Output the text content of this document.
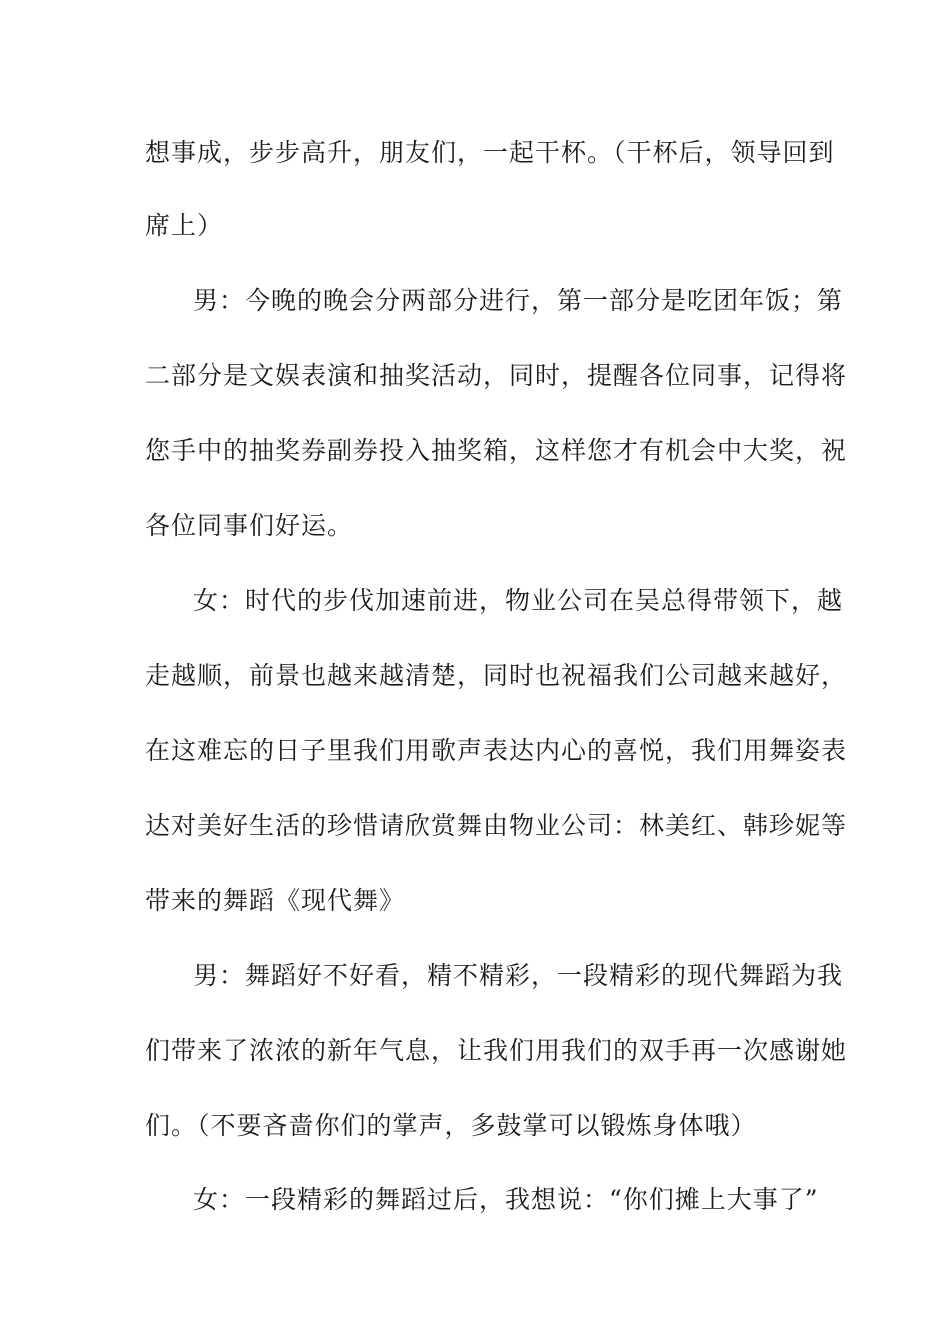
想事成，步步高升，朋友们，一起干杯。（干杯后，领导回到
席上）
男：今晚的晚会分两部分进行，第一部分是吃团年饭；第
二部分是文娱表演和抽奖活动，同时，提醒各位同事，记得将
您手中的抽奖券副券投入抽奖箱，这样您才有机会中大奖，祝
各位同事们好运。
女：时代的步伐加速前进，物业公司在吴总得带领下，越
走越顺，前景也越来越清楚，同时也祝福我们公司越来越好，
在这难忘的日子里我们用歌声表达内心的喜悦，我们用舞姿表
达对美好生活的珍惜请欣赏舞由物业公司：林美红、韩珍妮等
带来的舞蹈《现代舞》
男：舞蹈好不好看，精不精彩，一段精彩的现代舞蹈为我
们带来了浓浓的新年气息，让我们用我们的双手再一次感谢她
们。（不要吝啬你们的掌声，多鼓掌可以锻炼身体哦）
女：一段精彩的舞蹈过后，我想说：“你们摊上大事了”
